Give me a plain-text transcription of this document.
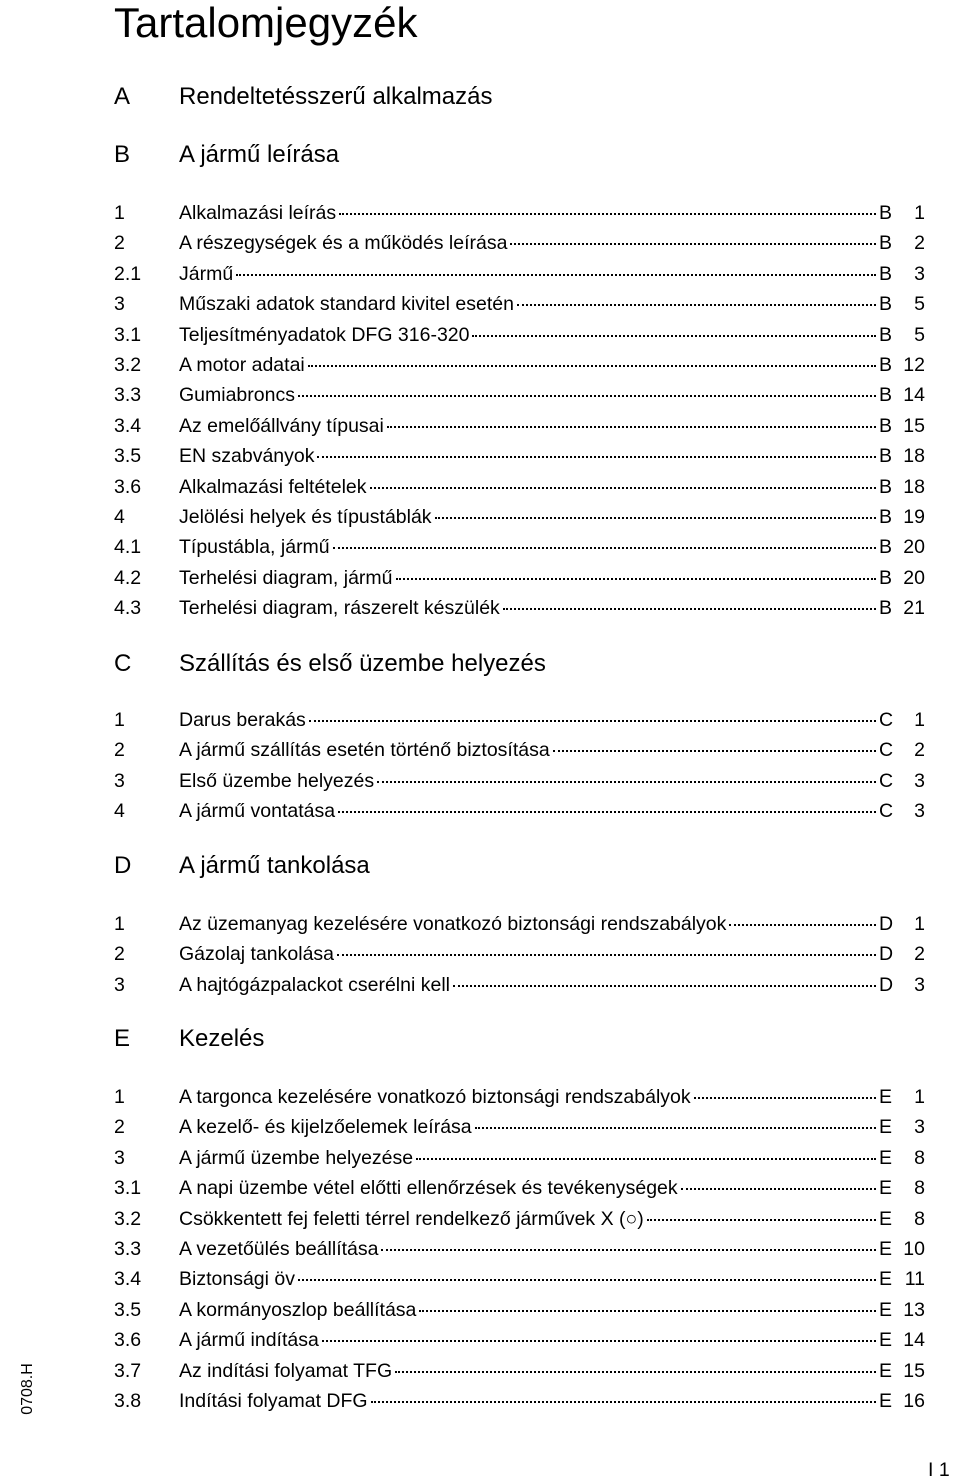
Tartalomjegyzék
A Rendeltetésszerű alkalmazás
B A jármű leírása
1	Alkalmazási leírás	B 1
2	A részegységek és a működés leírása	B 2
2.1 Jármű	B 3
3	Műszaki adatok standard kivitel esetén	B 5
3.1 Teljesítményadatok DFG 316-320	B 5
3.2 A motor adatai	B 12
3.3 Gumiabroncs	B 14
3.4 Az emelőállvány típusai	B 15
3.5 EN szabványok	B 18
3.6 Alkalmazási feltételek	B 18
4	Jelölési helyek és típustáblák	B 19
4.1 Típustábla, jármű	B 20
4.2 Terhelési diagram, jármű	B 20
4.3 Terhelési diagram, rászerelt készülék	B 21
C Szállítás és első üzembe helyezés
1	Darus berakás	C 1
2	A jármű szállítás esetén történő biztosítása	C 2
3	Első üzembe helyezés	C 3
4	A jármű vontatása	C 3
D A jármű tankolása
1	Az üzemanyag kezelésére vonatkozó biztonsági rendszabályok	D 1
2	Gázolaj tankolása	D 2
3	A hajtógázpalackot cserélni kell	D 3
E Kezelés
1	A targonca kezelésére vonatkozó biztonsági rendszabályok	E 1
2	A kezelő- és kijelzőelemek leírása	E 3
3	A jármű üzembe helyezése	E 8
3.1 A napi üzembe vétel előtti ellenőrzések és tevékenységek	E 8
3.2 Csökkentett fej feletti térrel rendelkező járművek X (○)	E 8
3.3 A vezetőülés beállítása	E 10
3.4 Biztonsági öv	E 11
3.5 A kormányoszlop beállítása	E 13
3.6 A jármű indítása	E 14
3.7 Az indítási folyamat TFG	E 15
3.8 Indítási folyamat DFG	E 16
0708.H
I 1
